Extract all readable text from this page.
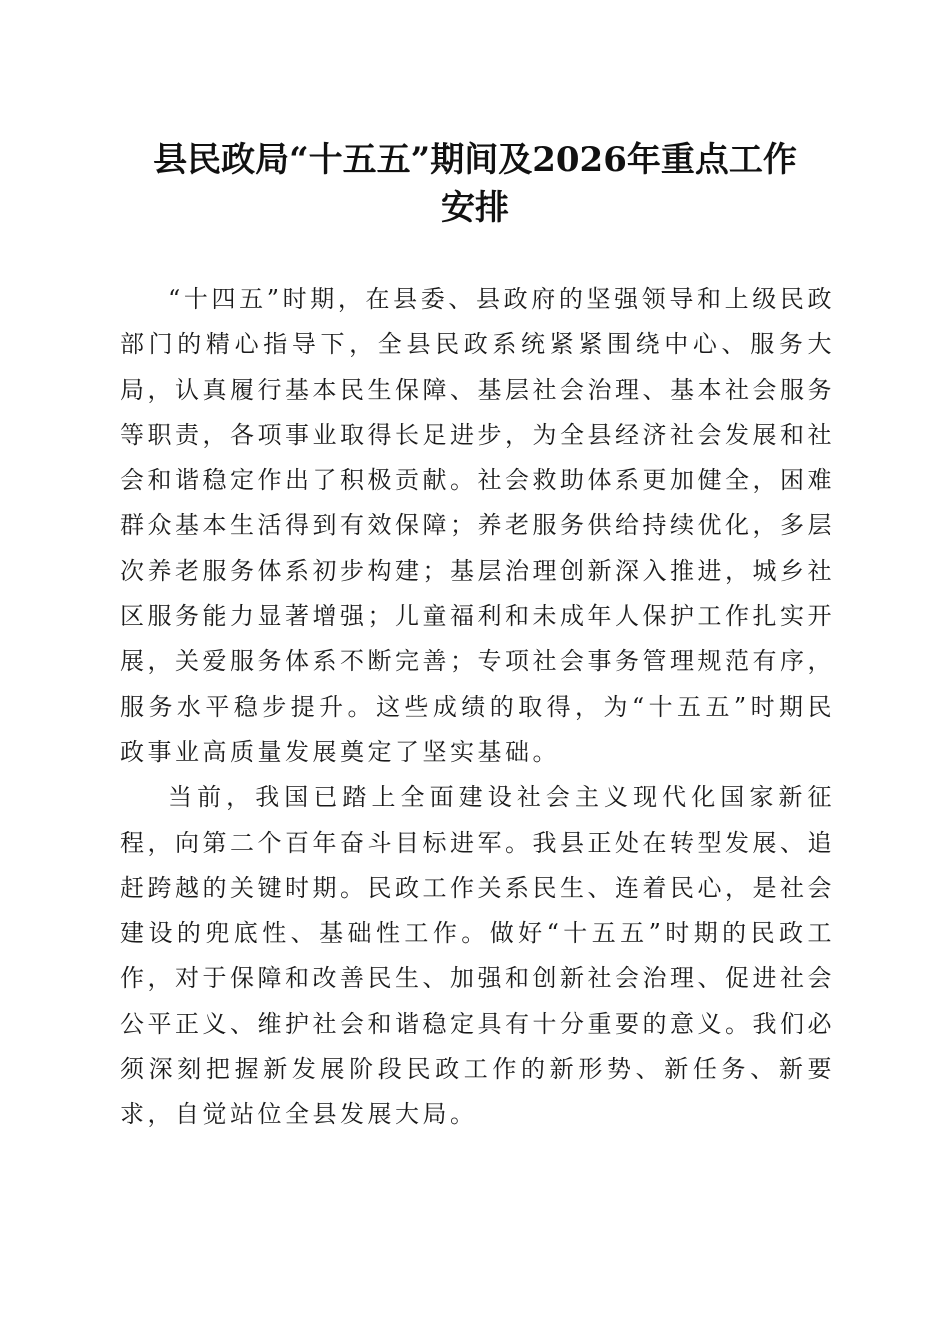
县民政局“十五五”期间及2026年重点工作
安排

“十四五”时期，在县委、县政府的坚强领导和上级民政部门的精心指导下，全县民政系统紧紧围绕中心、服务大局，认真履行基本民生保障、基层社会治理、基本社会服务等职责，各项事业取得长足进步，为全县经济社会发展和社会和谐稳定作出了积极贡献。社会救助体系更加健全，困难群众基本生活得到有效保障；养老服务供给持续优化，多层次养老服务体系初步构建；基层治理创新深入推进，城乡社区服务能力显著增强；儿童福利和未成年人保护工作扎实开展，关爱服务体系不断完善；专项社会事务管理规范有序，服务水平稳步提升。这些成绩的取得，为“十五五”时期民政事业高质量发展奠定了坚实基础。

当前，我国已踏上全面建设社会主义现代化国家新征程，向第二个百年奋斗目标进军。我县正处在转型发展、追赶跨越的关键时期。民政工作关系民生、连着民心，是社会建设的兜底性、基础性工作。做好“十五五”时期的民政工作，对于保障和改善民生、加强和创新社会治理、促进社会公平正义、维护社会和谐稳定具有十分重要的意义。我们必须深刻把握新发展阶段民政工作的新形势、新任务、新要求，自觉站位全县发展大局。
